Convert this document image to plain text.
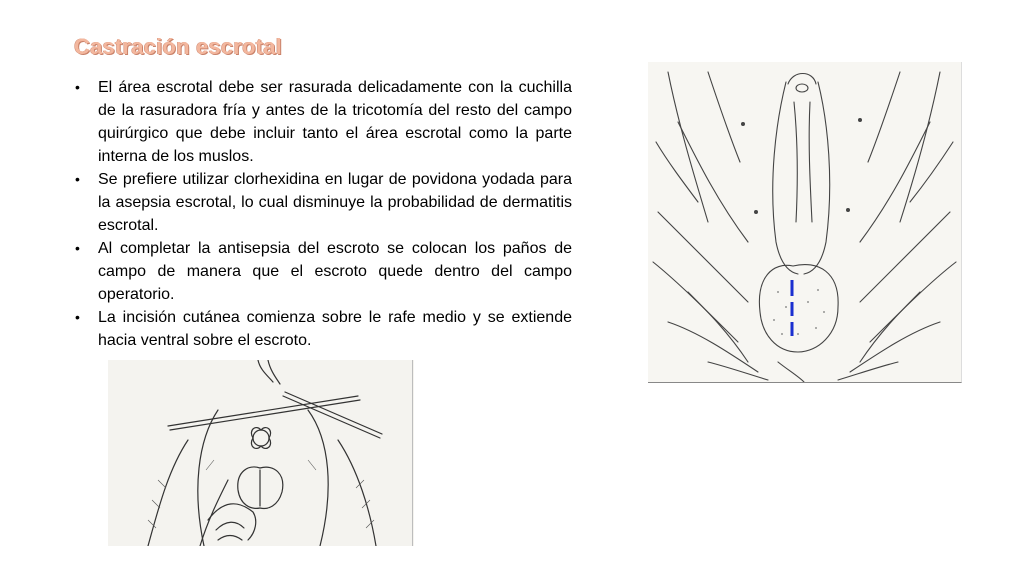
Castración escrotal
• El área escrotal debe ser rasurada delicadamente con la cuchilla de la rasuradora fría y antes de la tricotomía del resto del campo quirúrgico que debe incluir tanto el área escrotal como la parte interna de los muslos.
• Se prefiere utilizar clorhexidina en lugar de povidona yodada para la asepsia escrotal, lo cual disminuye la probabilidad de dermatitis escrotal.
• Al completar la antisepsia del escroto se colocan los paños de campo de manera que el escroto quede dentro del campo operatorio.
• La incisión cutánea comienza sobre le rafe medio y se extiende hacia ventral sobre el escroto.
